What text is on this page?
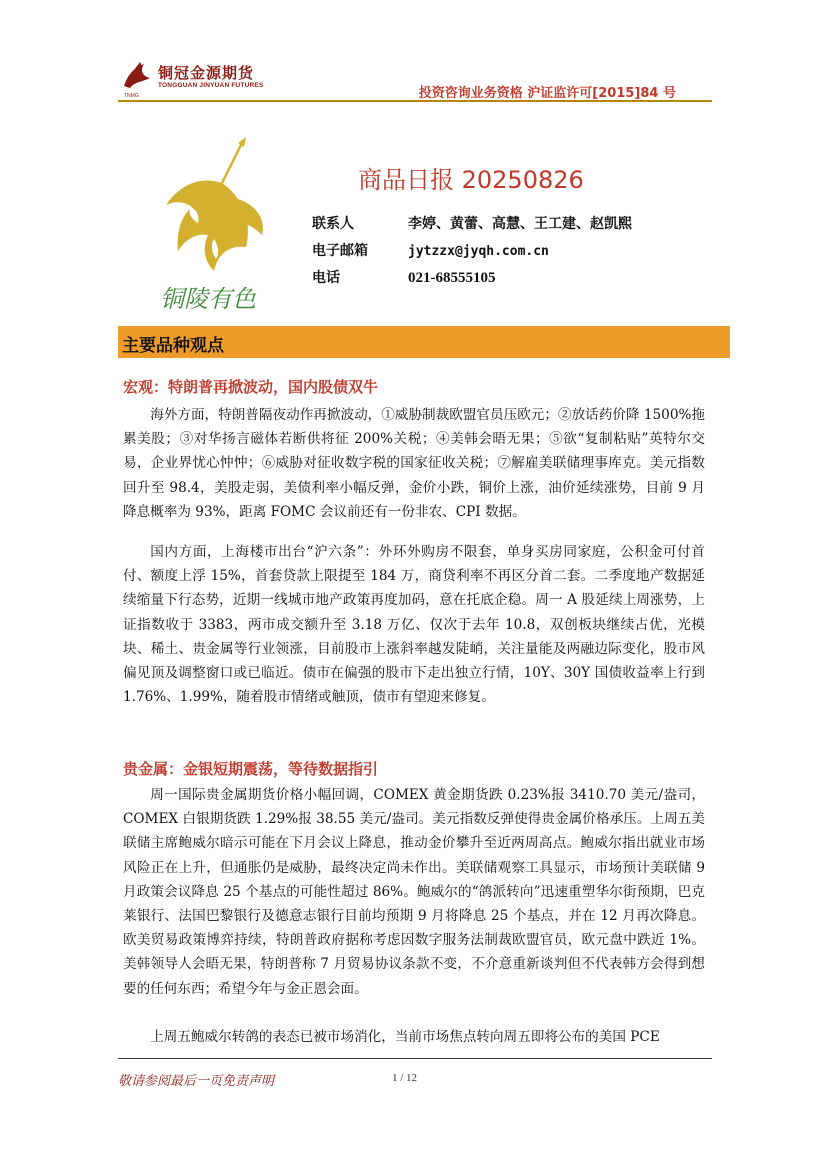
铜冠金源期货
TONGGUAN JINYUAN FUTURES
TNMG	投资咨询业务资格 沪证监许可[2015]84 号
铜陵有色
商品日报 20250826
联系人	李婷、黄蕾、高慧、王工建、赵凯熙
电子邮箱	jytzzx@jyqh.com.cn
电话	021-68555105
主要品种观点
宏观：特朗普再掀波动，国内股债双牛
海外方面，特朗普隔夜动作再掀波动，①威胁制裁欧盟官员压欧元；②放话药价降 1500%拖累美股；③对华扬言磁体若断供将征 200%关税；④美韩会晤无果；⑤欲“复制粘贴”英特尔交易，企业界忧心忡忡；⑥威胁对征收数字税的国家征收关税；⑦解雇美联储理事库克。美元指数回升至 98.4，美股走弱，美债利率小幅反弹，金价小跌，铜价上涨，油价延续涨势，目前 9 月降息概率为 93%，距离 FOMC 会议前还有一份非农、CPI 数据。
国内方面，上海楼市出台“沪六条”：外环外购房不限套，单身买房同家庭，公积金可付首付、额度上浮 15%，首套贷款上限提至 184 万，商贷利率不再区分首二套。二季度地产数据延续缩量下行态势，近期一线城市地产政策再度加码，意在托底企稳。周一 A 股延续上周涨势，上证指数收于 3383，两市成交额升至 3.18 万亿、仅次于去年 10.8，双创板块继续占优，光模块、稀土、贵金属等行业领涨，目前股市上涨斜率越发陡峭，关注量能及两融边际变化，股市风偏见顶及调整窗口或已临近。债市在偏强的股市下走出独立行情，10Y、30Y 国债收益率上行到 1.76%、1.99%，随着股市情绪或触顶，债市有望迎来修复。
贵金属：金银短期震荡，等待数据指引
周一国际贵金属期货价格小幅回调，COMEX 黄金期货跌 0.23%报 3410.70 美元/盎司，COMEX 白银期货跌 1.29%报 38.55 美元/盎司。美元指数反弹使得贵金属价格承压。上周五美联储主席鲍威尔暗示可能在下月会议上降息，推动金价攀升至近两周高点。鲍威尔指出就业市场风险正在上升，但通胀仍是威胁，最终决定尚未作出。美联储观察工具显示，市场预计美联储 9 月政策会议降息 25 个基点的可能性超过 86%。鲍威尔的“鸽派转向”迅速重塑华尔街预期，巴克莱银行、法国巴黎银行及德意志银行目前均预期 9 月将降息 25 个基点，并在 12 月再次降息。欧美贸易政策博弈持续，特朗普政府据称考虑因数字服务法制裁欧盟官员，欧元盘中跌近 1%。美韩领导人会晤无果，特朗普称 7 月贸易协议条款不变，不介意重新谈判但不代表韩方会得到想要的任何东西；希望今年与金正恩会面。
上周五鲍威尔转鸽的表态已被市场消化，当前市场焦点转向周五即将公布的美国 PCE
敬请参阅最后一页免责声明	1 / 12
